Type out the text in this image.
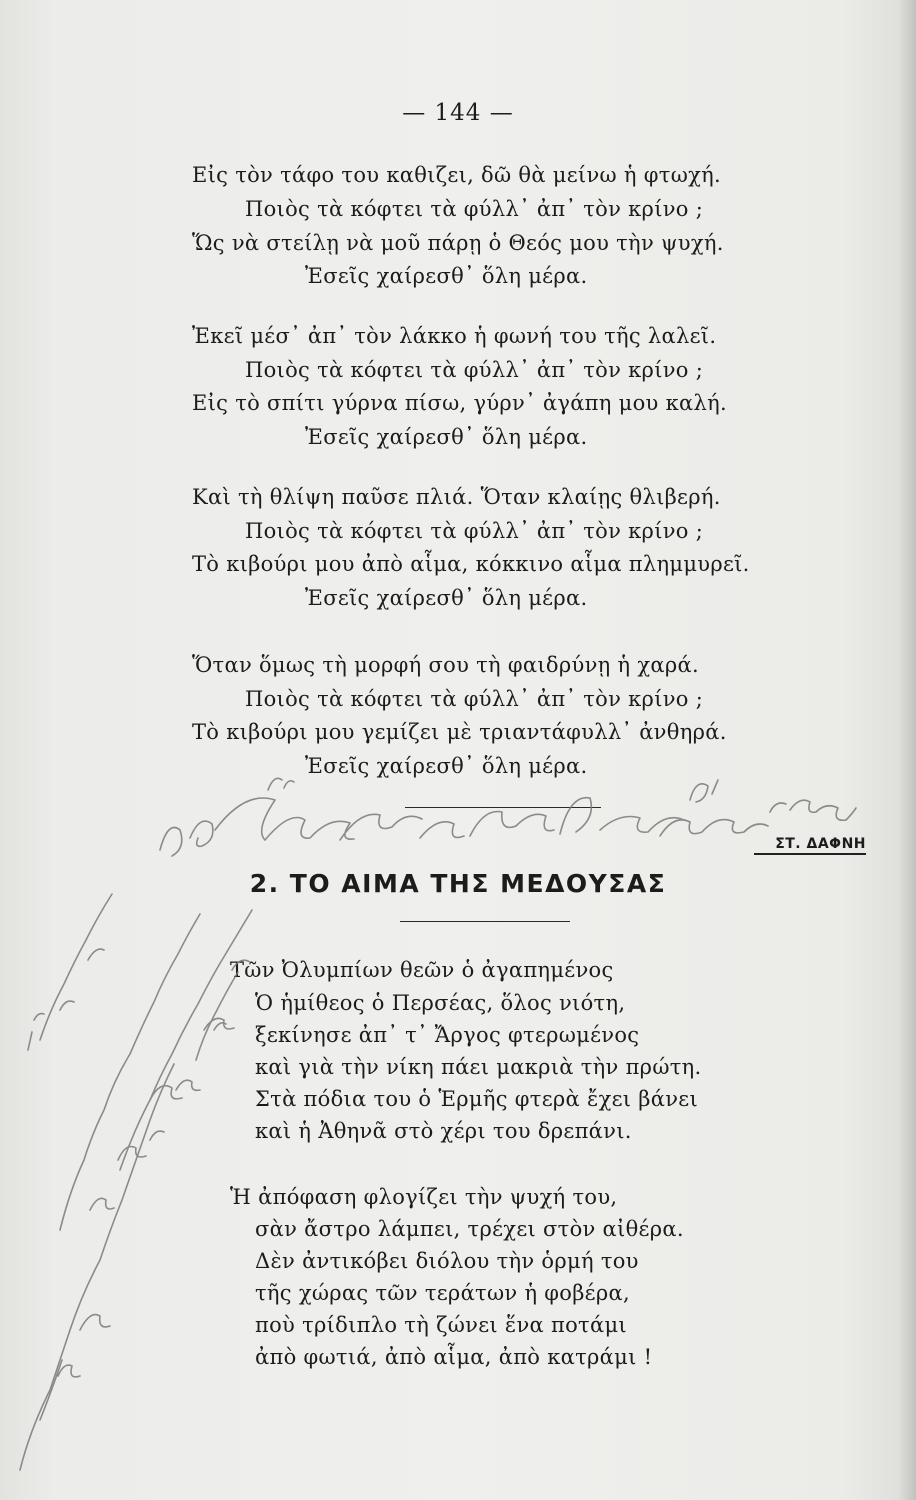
— 144 —
Εἰς τὸν τάφο του καθιζει, δῶ θὰ μείνω ἡ φτωχή.
Ποιὸς τὰ κόφτει τὰ φύλλ᾽ ἀπ᾽ τὸν κρίνο ;
Ὥς νὰ στείλῃ νὰ μοῦ πάρῃ ὁ Θεός μου τὴν ψυχή.
Ἐσεῖς χαίρεσθ᾽ ὅλη μέρα.
Ἐκεῖ μέσ᾽ ἀπ᾽ τὸν λάκκο ἡ φωνή του τῆς λαλεῖ.
Ποιὸς τὰ κόφτει τὰ φύλλ᾽ ἀπ᾽ τὸν κρίνο ;
Εἰς τὸ σπίτι γύρνα πίσω, γύρν᾽ ἀγάπη μου καλή.
Ἐσεῖς χαίρεσθ᾽ ὅλη μέρα.
Καὶ τὴ θλίψη παῦσε πλιά. Ὅταν κλαίῃς θλιβερή.
Ποιὸς τὰ κόφτει τὰ φύλλ᾽ ἀπ᾽ τὸν κρίνο ;
Τὸ κιβούρι μου ἀπὸ αἷμα, κόκκινο αἷμα πλημμυρεῖ.
Ἐσεῖς χαίρεσθ᾽ ὅλη μέρα.
Ὅταν ὅμως τὴ μορφή σου τὴ φαιδρύνῃ ἡ χαρά.
Ποιὸς τὰ κόφτει τὰ φύλλ᾽ ἀπ᾽ τὸν κρίνο ;
Τὸ κιβούρι μου γεμίζει μὲ τριαντάφυλλ᾽ ἀνθηρά.
Ἐσεῖς χαίρεσθ᾽ ὅλη μέρα.
ΣΤ. ΔΑΦΝΗ
2. ΤΟ ΑΙΜΑ ΤΗΣ ΜΕΔΟΥΣΑΣ
Τῶν Ὀλυμπίων θεῶν ὁ ἀγαπημένος
Ὁ ἡμίθεος ὁ Περσέας, ὅλος νιότη,
ξεκίνησε ἀπ᾽ τ᾽ Ἄργος φτερωμένος
καὶ γιὰ τὴν νίκη πάει μακριὰ τὴν πρώτη.
Στὰ πόδια του ὁ Ἑρμῆς φτερὰ ἔχει βάνει
καὶ ἡ Ἀθηνᾶ στὸ χέρι του δρεπάνι.
Ἡ ἀπόφαση φλογίζει τὴν ψυχή του,
σὰν ἄστρο λάμπει, τρέχει στὸν αἰθέρα.
Δὲν ἀντικόβει διόλου τὴν ὁρμή του
τῆς χώρας τῶν τεράτων ἡ φοβέρα,
ποὺ τρίδιπλο τὴ ζώνει ἕνα ποτάμι
ἀπὸ φωτιά, ἀπὸ αἷμα, ἀπὸ κατράμι !
